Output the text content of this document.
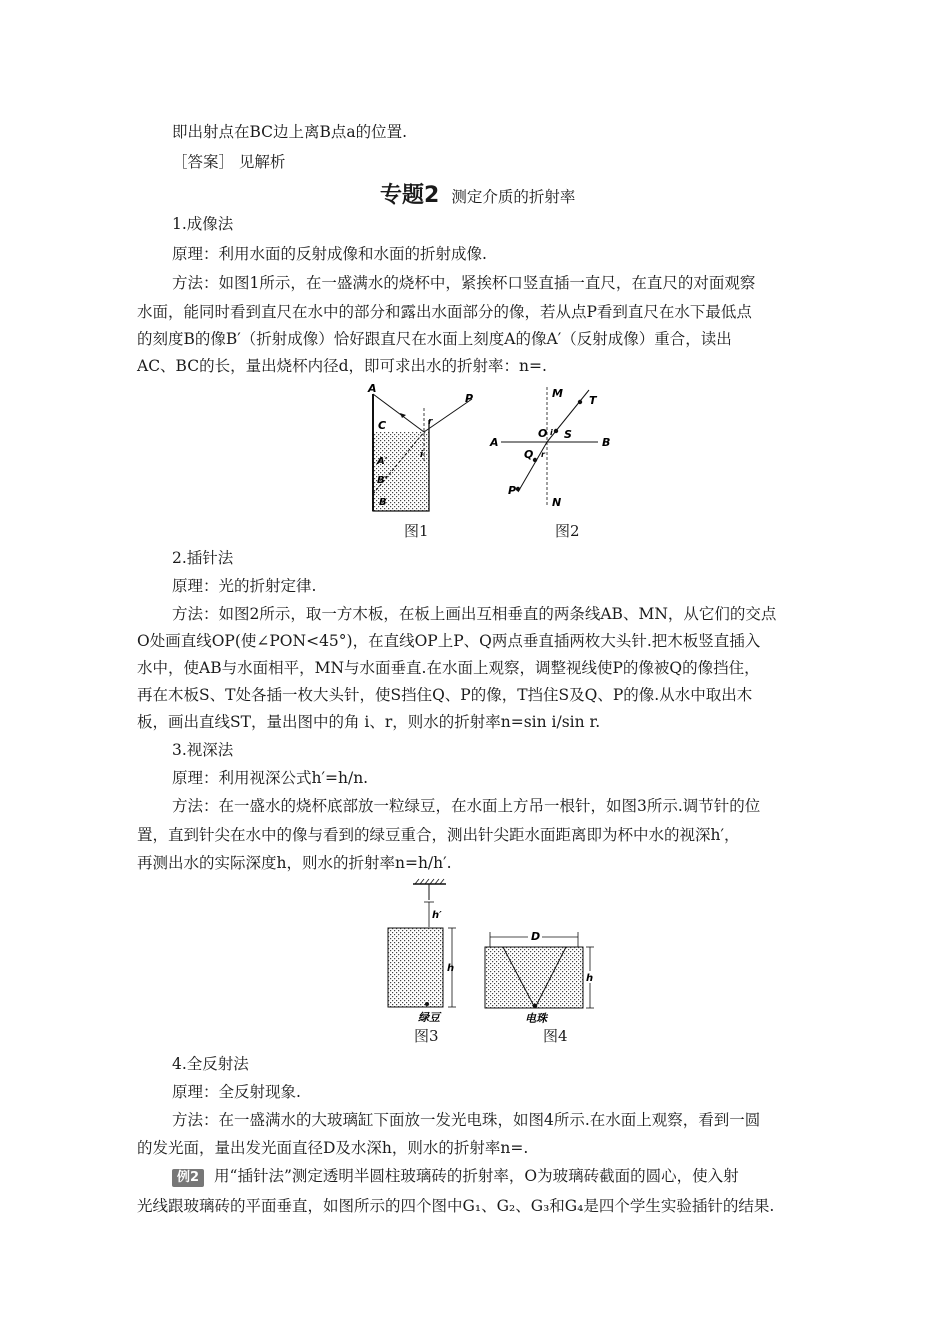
即出射点在BC边上离B点a的位置.
［答案］ 见解析
专题2 测定介质的折射率
1.成像法
原理：利用水面的反射成像和水面的折射成像.
方法：如图1所示，在一盛满水的烧杯中，紧挨杯口竖直插一直尺，在直尺的对面观察
水面，能同时看到直尺在水中的部分和露出水面部分的像，若从点P看到直尺在水下最低点
的刻度B的像B′（折射成像）恰好跟直尺在水面上刻度A的像A′（反射成像）重合，读出
AC、BC的长，量出烧杯内径d，即可求出水的折射率：n=.
A
C
A′
B′
B
P
r
i
图1
M
N
A	B
O S
T
Q
P
i
r
图2
2.插针法
原理：光的折射定律.
方法：如图2所示，取一方木板，在板上画出互相垂直的两条线AB、MN，从它们的交点
O处画直线OP(使∠PON<45°)，在直线OP上P、Q两点垂直插两枚大头针.把木板竖直插入
水中，使AB与水面相平，MN与水面垂直.在水面上观察，调整视线使P的像被Q的像挡住，
再在木板S、T处各插一枚大头针，使S挡住Q、P的像，T挡住S及Q、P的像.从水中取出木
板，画出直线ST，量出图中的角 i、r，则水的折射率n=sin i/sin r.
3.视深法
原理：利用视深公式h′=h/n.
方法：在一盛水的烧杯底部放一粒绿豆，在水面上方吊一根针，如图3所示.调节针的位
置，直到针尖在水中的像与看到的绿豆重合，测出针尖距水面距离即为杯中水的视深h′，
再测出水的实际深度h，则水的折射率n=h/h′.
h′
h
绿豆
图3
D
h
电珠
图4
4.全反射法
原理：全反射现象.
方法：在一盛满水的大玻璃缸下面放一发光电珠，如图4所示.在水面上观察，看到一圆
的发光面，量出发光面直径D及水深h，则水的折射率n=.
例2 用“插针法”测定透明半圆柱玻璃砖的折射率，O为玻璃砖截面的圆心，使入射
光线跟玻璃砖的平面垂直，如图所示的四个图中G₁、G₂、G₃和G₄是四个学生实验插针的结果.
